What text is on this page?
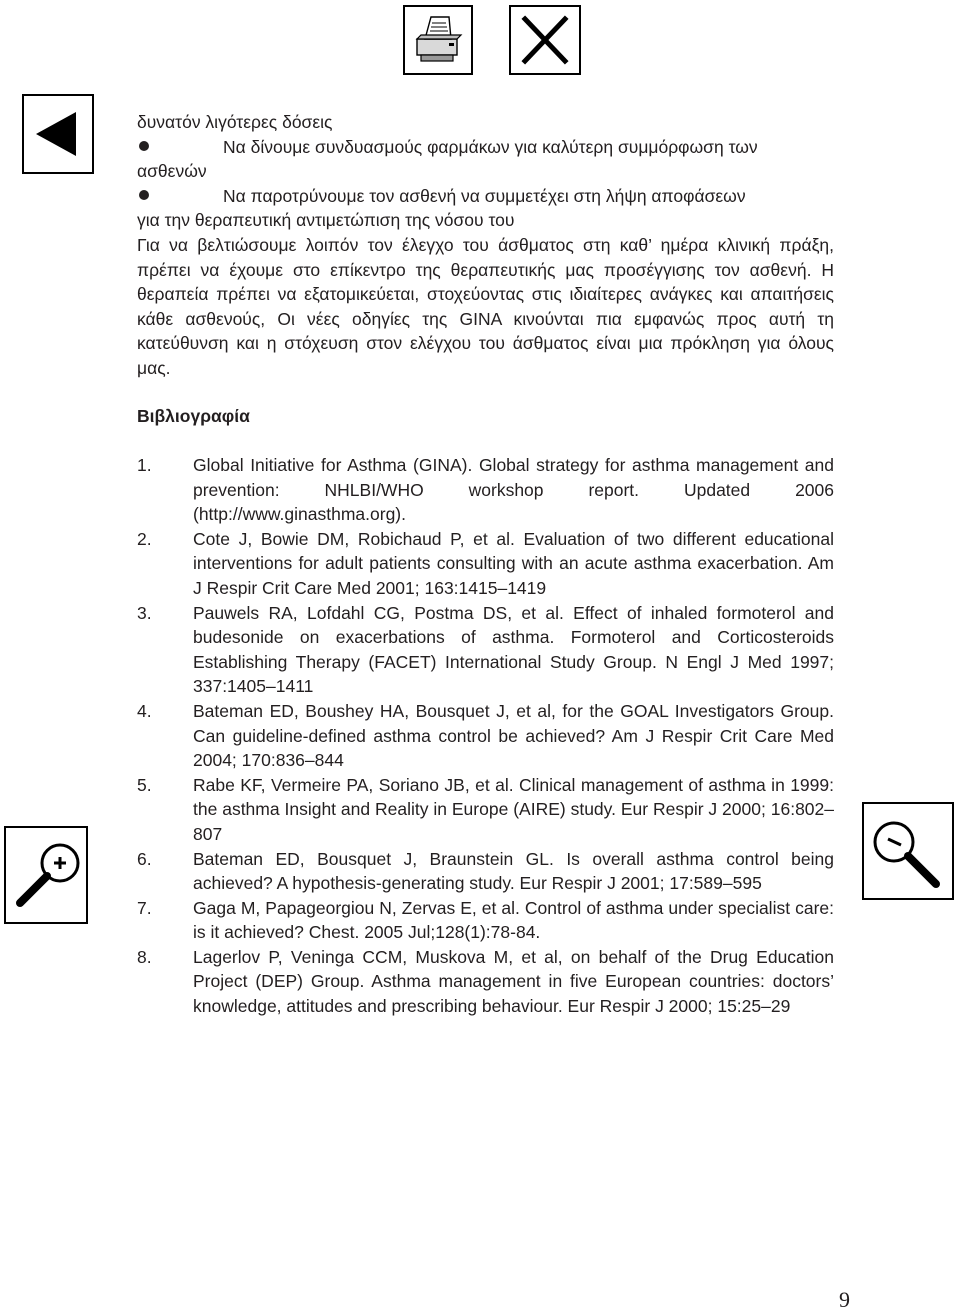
δυνατόν λιγότερες δόσεις

Να δίνουμε συνδυασμούς φαρμάκων για καλύτερη συμμόρφωση των

ασθενών

Να παροτρύνουμε τον ασθενή να συμμετέχει στη λήψη αποφάσεων

για την θεραπευτική αντιμετώπιση της νόσου του

Για να βελτιώσουμε λοιπόν τον έλεγχο του άσθματος στη καθ’ ημέρα κλινική πράξη, πρέπει να έχουμε στο επίκεντρο της θεραπευτικής μας προσέγγισης τον ασθενή. Η θεραπεία πρέπει να εξατομικεύεται, στοχεύοντας στις ιδιαίτερες ανάγκες και απαιτήσεις κάθε ασθενούς, Οι νέες οδηγίες της GINA κινούνται πια εμφανώς προς αυτή τη κατεύθυνση και η στόχευση στον ελέγχου του άσθματος είναι μια πρόκληση για όλους μας.

Βιβλιογραφία
1.	Global Initiative for Asthma (GINA). Global strategy for asthma management and prevention: NHLBI/WHO workshop report. Updated 2006 (http://www.ginasthma.org).
2.	Cote J, Bowie DM, Robichaud P, et al. Evaluation of two different educational interventions for adult patients consulting with an acute asthma exacerbation. Am J Respir Crit Care Med 2001; 163:1415–1419
3.	Pauwels RA, Lofdahl CG, Postma DS, et al. Effect of inhaled formoterol and budesonide on exacerbations of asthma. Formoterol and Corticosteroids Establishing Therapy (FACET) International Study Group. N Engl J Med 1997; 337:1405–1411
4.	Bateman ED, Boushey HA, Bousquet J, et al, for the GOAL Investigators Group. Can guideline-defined asthma control be achieved? Am J Respir Crit Care Med 2004; 170:836–844
5.	Rabe KF, Vermeire PA, Soriano JB, et al. Clinical management of asthma in 1999: the asthma Insight and Reality in Europe (AIRE) study. Eur Respir J 2000; 16:802–807
6.	Bateman ED, Bousquet J, Braunstein GL. Is overall asthma control being achieved? A hypothesis-generating study. Eur Respir J 2001; 17:589–595
7.	Gaga M, Papageorgiou N, Zervas E, et al. Control of asthma under specialist care: is it achieved? Chest. 2005 Jul;128(1):78-84.
8.	Lagerlov P, Veninga CCM, Muskova M, et al, on behalf of the Drug Education Project (DEP) Group. Asthma management in five European countries: doctors’ knowledge, attitudes and prescribing behaviour. Eur Respir J 2000; 15:25–29
9
